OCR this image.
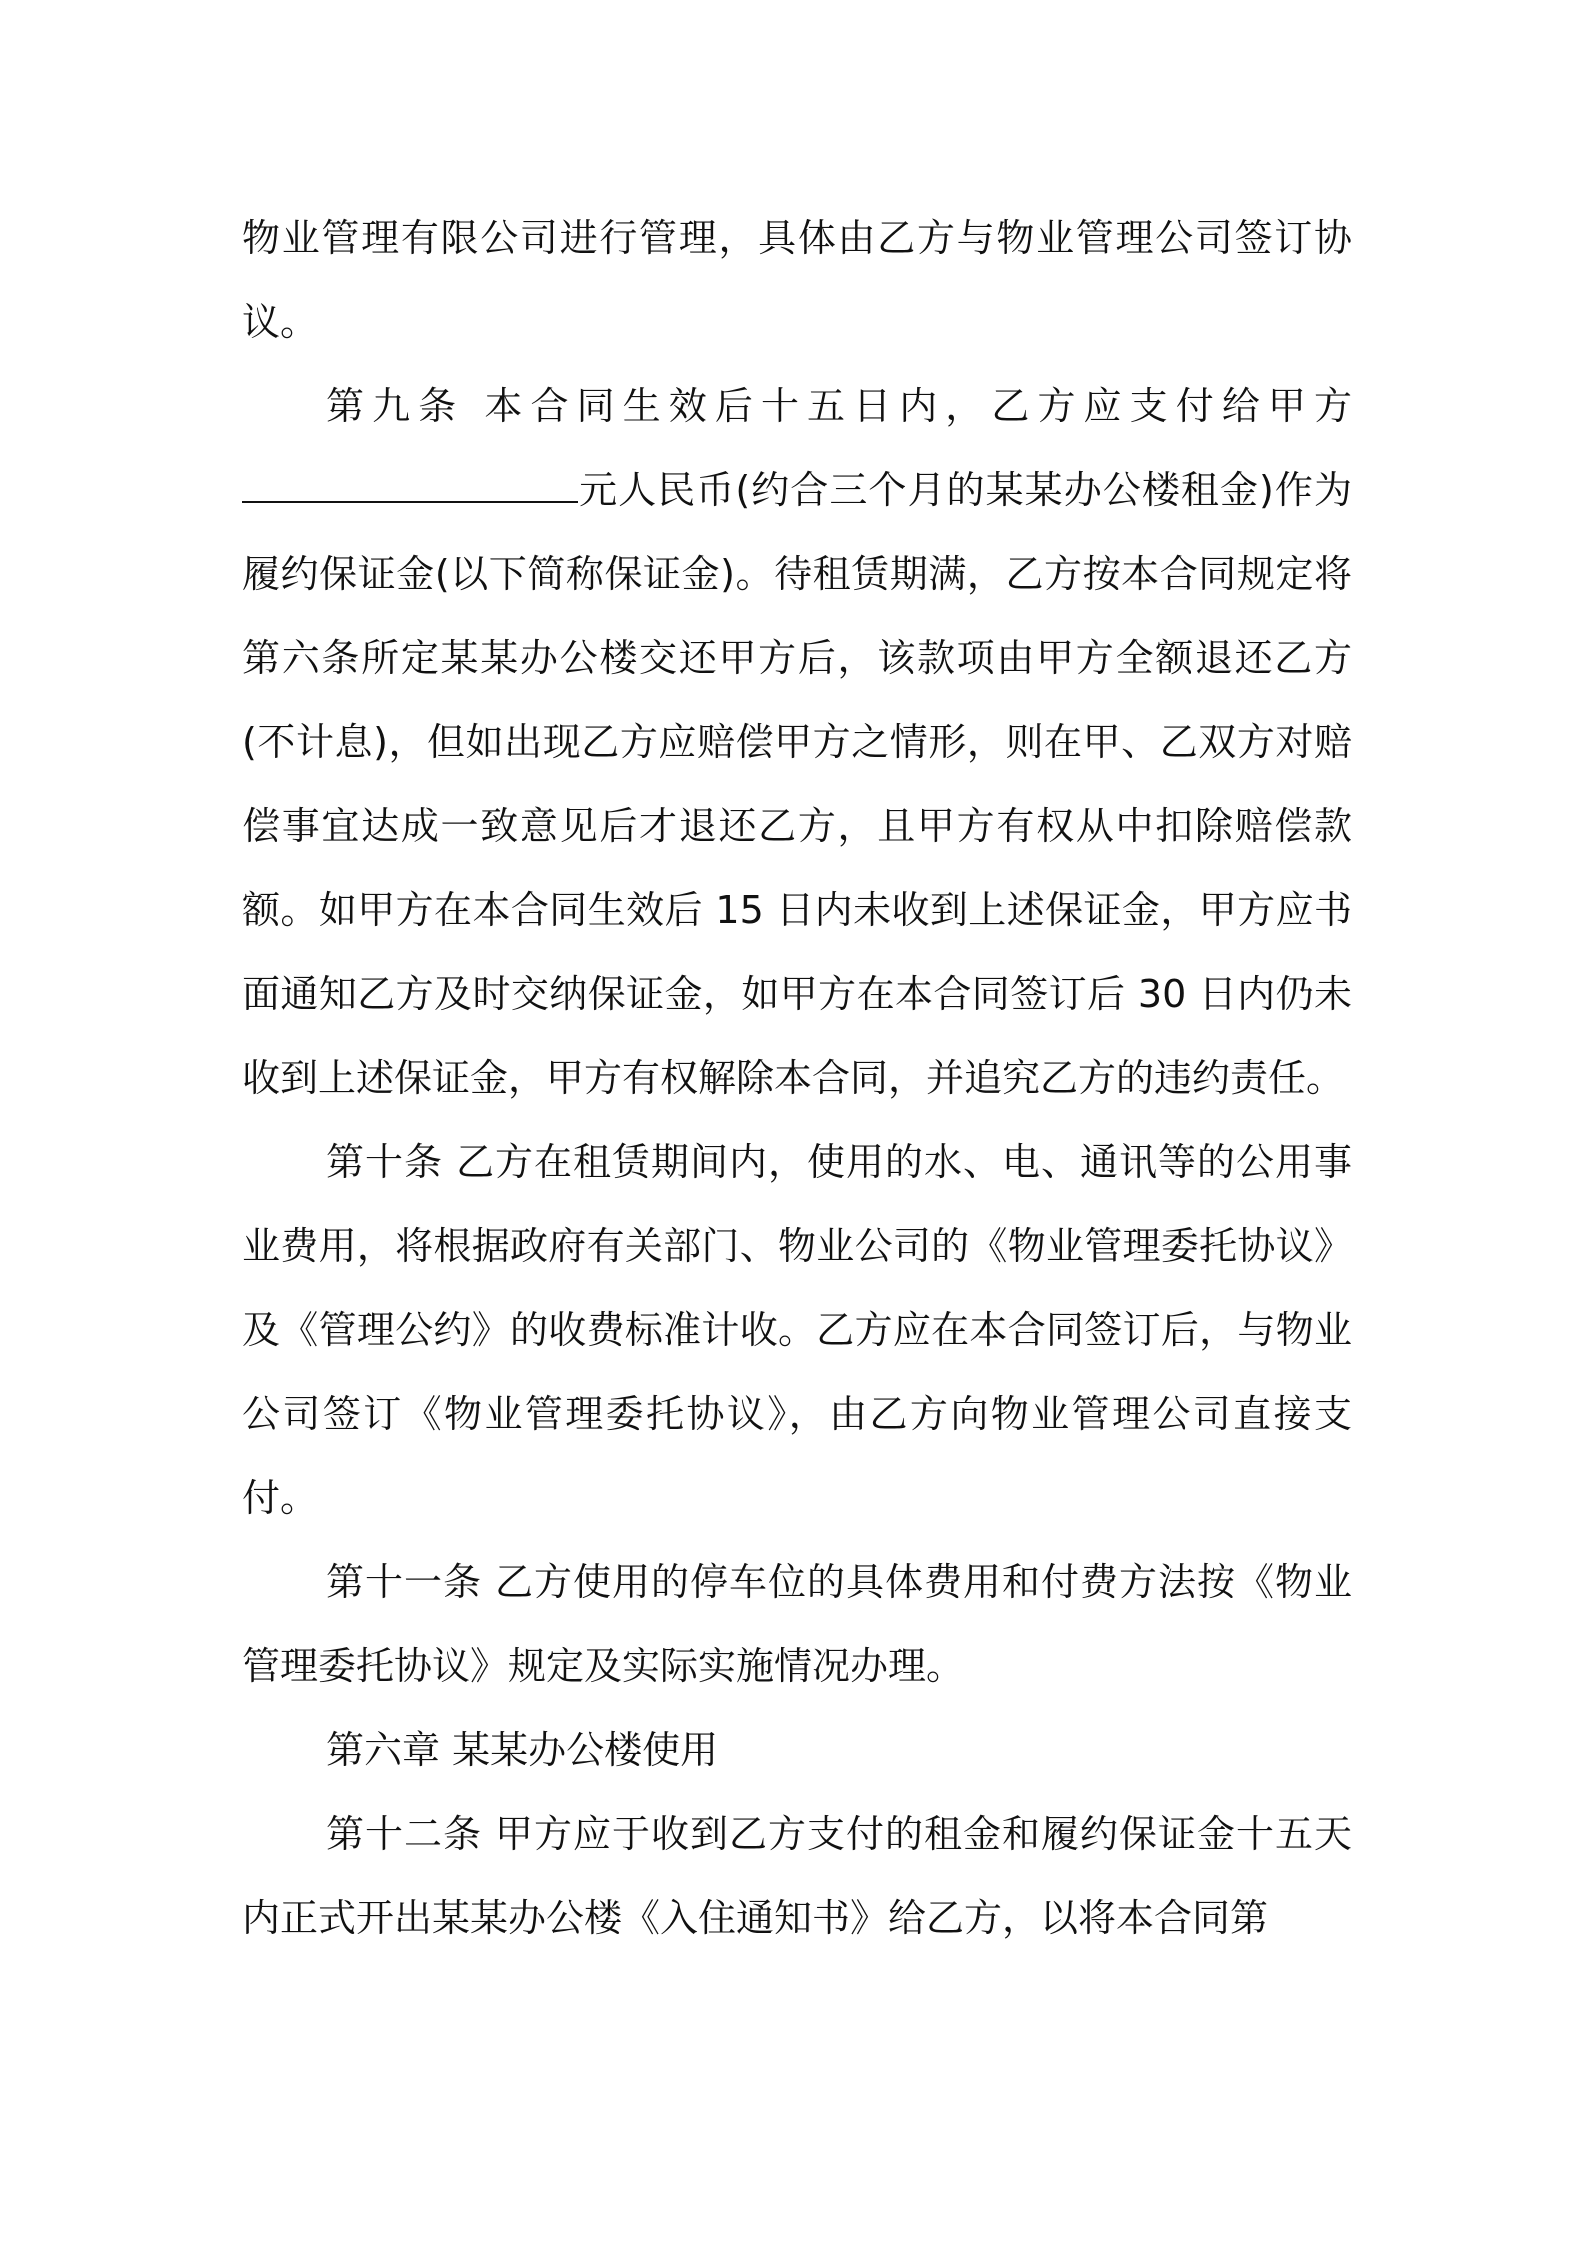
物业管理有限公司进行管理，具体由乙方与物业管理公司签订协议。

第九条 本合同生效后十五日内，乙方应支付给甲方元人民币(约合三个月的某某办公楼租金)作为履约保证金(以下简称保证金)。待租赁期满，乙方按本合同规定将第六条所定某某办公楼交还甲方后，该款项由甲方全额退还乙方(不计息)，但如出现乙方应赔偿甲方之情形，则在甲、乙双方对赔偿事宜达成一致意见后才退还乙方，且甲方有权从中扣除赔偿款额。如甲方在本合同生效后 15 日内未收到上述保证金，甲方应书面通知乙方及时交纳保证金，如甲方在本合同签订后 30 日内仍未收到上述保证金，甲方有权解除本合同，并追究乙方的违约责任。

第十条 乙方在租赁期间内，使用的水、电、通讯等的公用事业费用，将根据政府有关部门、物业公司的《物业管理委托协议》及《管理公约》的收费标准计收。乙方应在本合同签订后，与物业公司签订《物业管理委托协议》，由乙方向物业管理公司直接支付。

第十一条 乙方使用的停车位的具体费用和付费方法按《物业管理委托协议》规定及实际实施情况办理。

第六章 某某办公楼使用

第十二条 甲方应于收到乙方支付的租金和履约保证金十五天内正式开出某某办公楼《入住通知书》给乙方，以将本合同第
